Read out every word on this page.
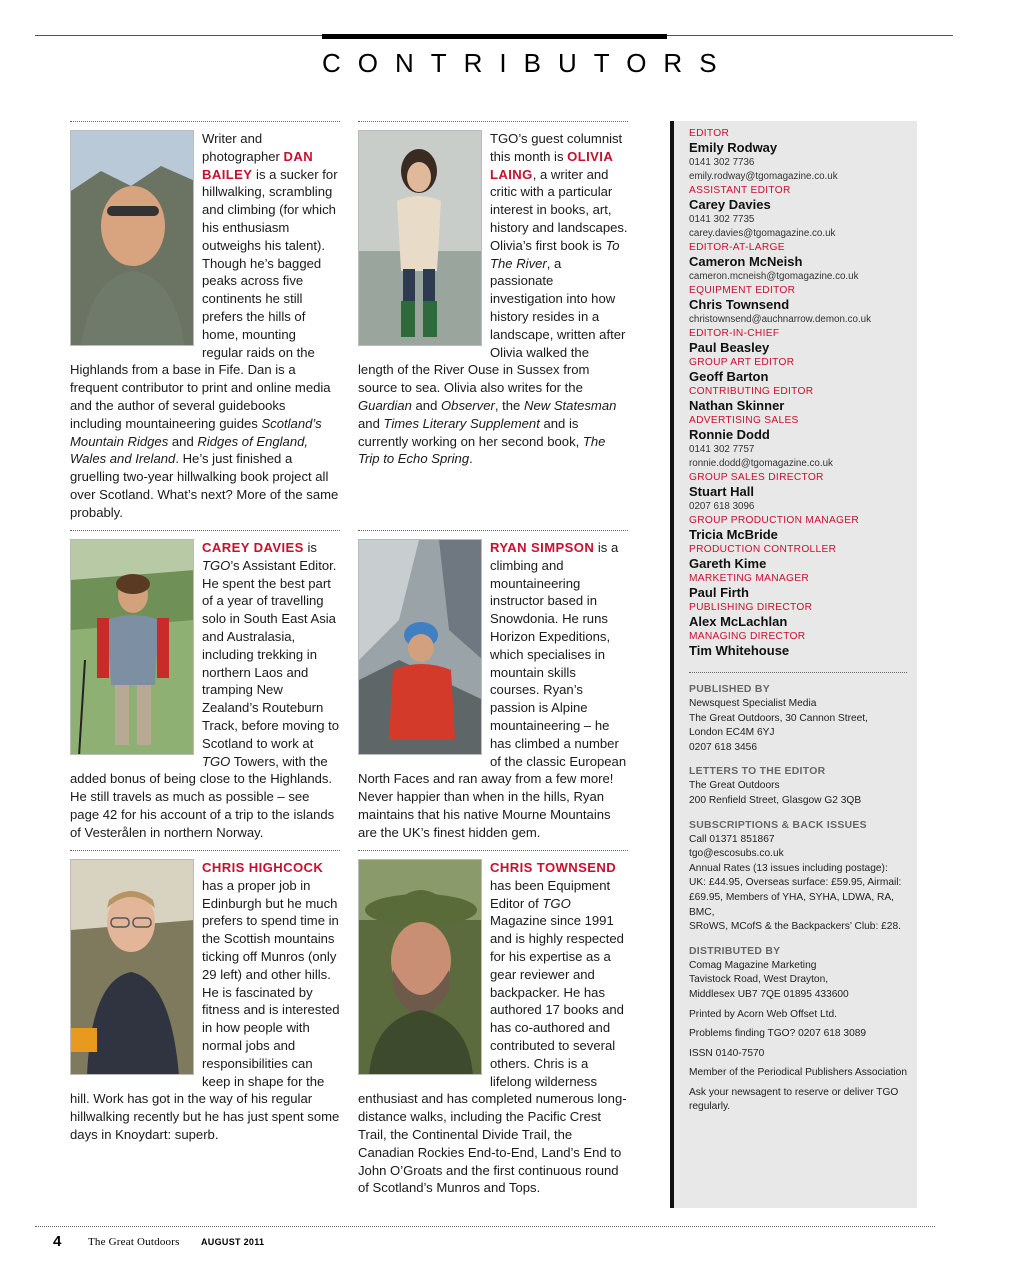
CONTRIBUTORS

Writer and photographer DAN BAILEY is a sucker for hillwalking, scrambling and climbing (for which his enthusiasm outweighs his talent). Though he’s bagged peaks across five continents he still prefers the hills of home, mounting regular raids on the Highlands from a base in Fife. Dan is a frequent contributor to print and online media and the author of several guidebooks including mountaineering guides Scotland’s Mountain Ridges and Ridges of England, Wales and Ireland. He’s just finished a gruelling two-year hillwalking book project all over Scotland. What’s next? More of the same probably.

TGO’s guest columnist this month is OLIVIA LAING, a writer and critic with a particular interest in books, art, history and landscapes. Olivia’s first book is To The River, a passionate investigation into how history resides in a landscape, written after Olivia walked the length of the River Ouse in Sussex from source to sea. Olivia also writes for the Guardian and Observer, the New Statesman and Times Literary Supplement and is currently working on her second book, The Trip to Echo Spring.

CAREY DAVIES is TGO’s Assistant Editor. He spent the best part of a year of travelling solo in South East Asia and Australasia, including trekking in northern Laos and tramping New Zealand’s Routeburn Track, before moving to Scotland to work at TGO Towers, with the added bonus of being close to the Highlands. He still travels as much as possible – see page 42 for his account of a trip to the islands of Vesterålen in northern Norway.

RYAN SIMPSON is a climbing and mountaineering instructor based in Snowdonia. He runs Horizon Expeditions, which specialises in mountain skills courses. Ryan’s passion is Alpine mountaineering – he has climbed a number of the classic European North Faces and ran away from a few more! Never happier than when in the hills, Ryan maintains that his native Mourne Mountains are the UK’s finest hidden gem.

CHRIS HIGHCOCK has a proper job in Edinburgh but he much prefers to spend time in the Scottish mountains ticking off Munros (only 29 left) and other hills. He is fascinated by fitness and is interested in how people with normal jobs and responsibilities can keep in shape for the hill. Work has got in the way of his regular hillwalking recently but he has just spent some days in Knoydart: superb.

CHRIS TOWNSEND has been Equipment Editor of TGO Magazine since 1991 and is highly respected for his expertise as a gear reviewer and backpacker. He has authored 17 books and has co-authored and contributed to several others. Chris is a lifelong wilderness enthusiast and has completed numerous long-distance walks, including the Pacific Crest Trail, the Continental Divide Trail, the Canadian Rockies End-to-End, Land’s End to John O’Groats and the first continuous round of Scotland’s Munros and Tops.

EDITOR
Emily Rodway
0141 302 7736
emily.rodway@tgomagazine.co.uk
ASSISTANT EDITOR
Carey Davies
0141 302 7735
carey.davies@tgomagazine.co.uk
EDITOR-AT-LARGE
Cameron McNeish
cameron.mcneish@tgomagazine.co.uk
EQUIPMENT EDITOR
Chris Townsend
christownsend@auchnarrow.demon.co.uk
EDITOR-IN-CHIEF
Paul Beasley
GROUP ART EDITOR
Geoff Barton
CONTRIBUTING EDITOR
Nathan Skinner
ADVERTISING SALES
Ronnie Dodd
0141 302 7757
ronnie.dodd@tgomagazine.co.uk
GROUP SALES DIRECTOR
Stuart Hall
0207 618 3096
GROUP PRODUCTION MANAGER
Tricia McBride
PRODUCTION CONTROLLER
Gareth Kime
MARKETING MANAGER
Paul Firth
PUBLISHING DIRECTOR
Alex McLachlan
MANAGING DIRECTOR
Tim Whitehouse
PUBLISHED BY
Newsquest Specialist Media
The Great Outdoors, 30 Cannon Street,
London EC4M 6YJ
0207 618 3456
LETTERS TO THE EDITOR
The Great Outdoors
200 Renfield Street, Glasgow G2 3QB
SUBSCRIPTIONS & BACK ISSUES
Call 01371 851867
tgo@escosubs.co.uk
Annual Rates (13 issues including postage):
UK: £44.95, Overseas surface: £59.95, Airmail:
£69.95, Members of YHA, SYHA, LDWA, RA, BMC,
SRoWS, MCofS & the Backpackers’ Club: £28.
DISTRIBUTED BY
Comag Magazine Marketing
Tavistock Road, West Drayton,
Middlesex UB7 7QE 01895 433600
Printed by Acorn Web Offset Ltd.
Problems finding TGO? 0207 618 3089
ISSN 0140-7570
Member of the Periodical Publishers Association
Ask your newsagent to reserve or deliver TGO regularly.
4 The Great Outdoors AUGUST 2011
